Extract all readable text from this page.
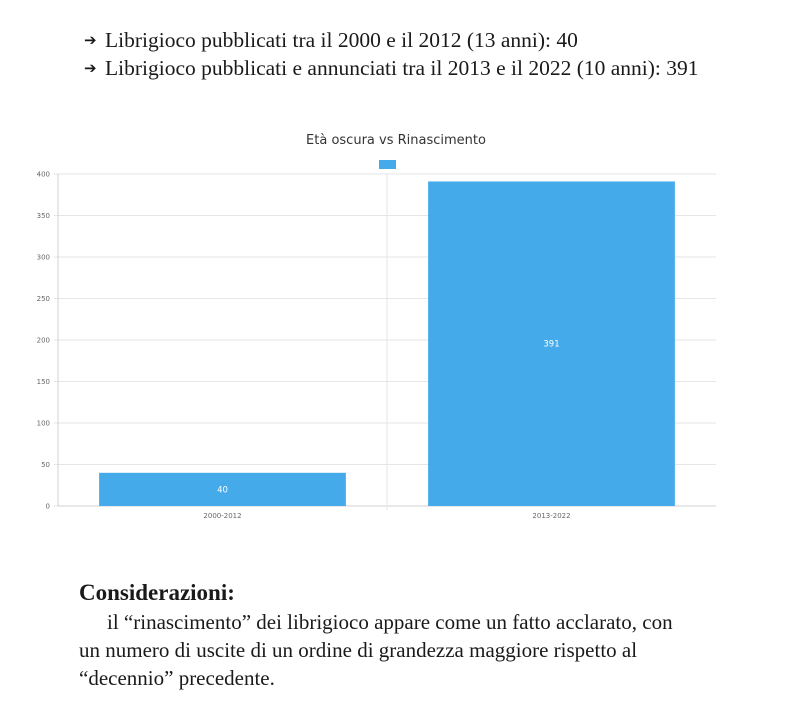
➔ Librigioco pubblicati tra il 2000 e il 2012 (13 anni): 40
➔ Librigioco pubblicati e annunciati tra il 2013 e il 2022 (10 anni): 391
Età oscura vs Rinascimento
0
50
100
150
200
250
300
350
400
40
2000-2012
391
2013-2022
Considerazioni:

il “rinascimento” dei librigioco appare come un fatto acclarato, con un numero di uscite di un ordine di grandezza maggiore rispetto al “decennio” precedente.
